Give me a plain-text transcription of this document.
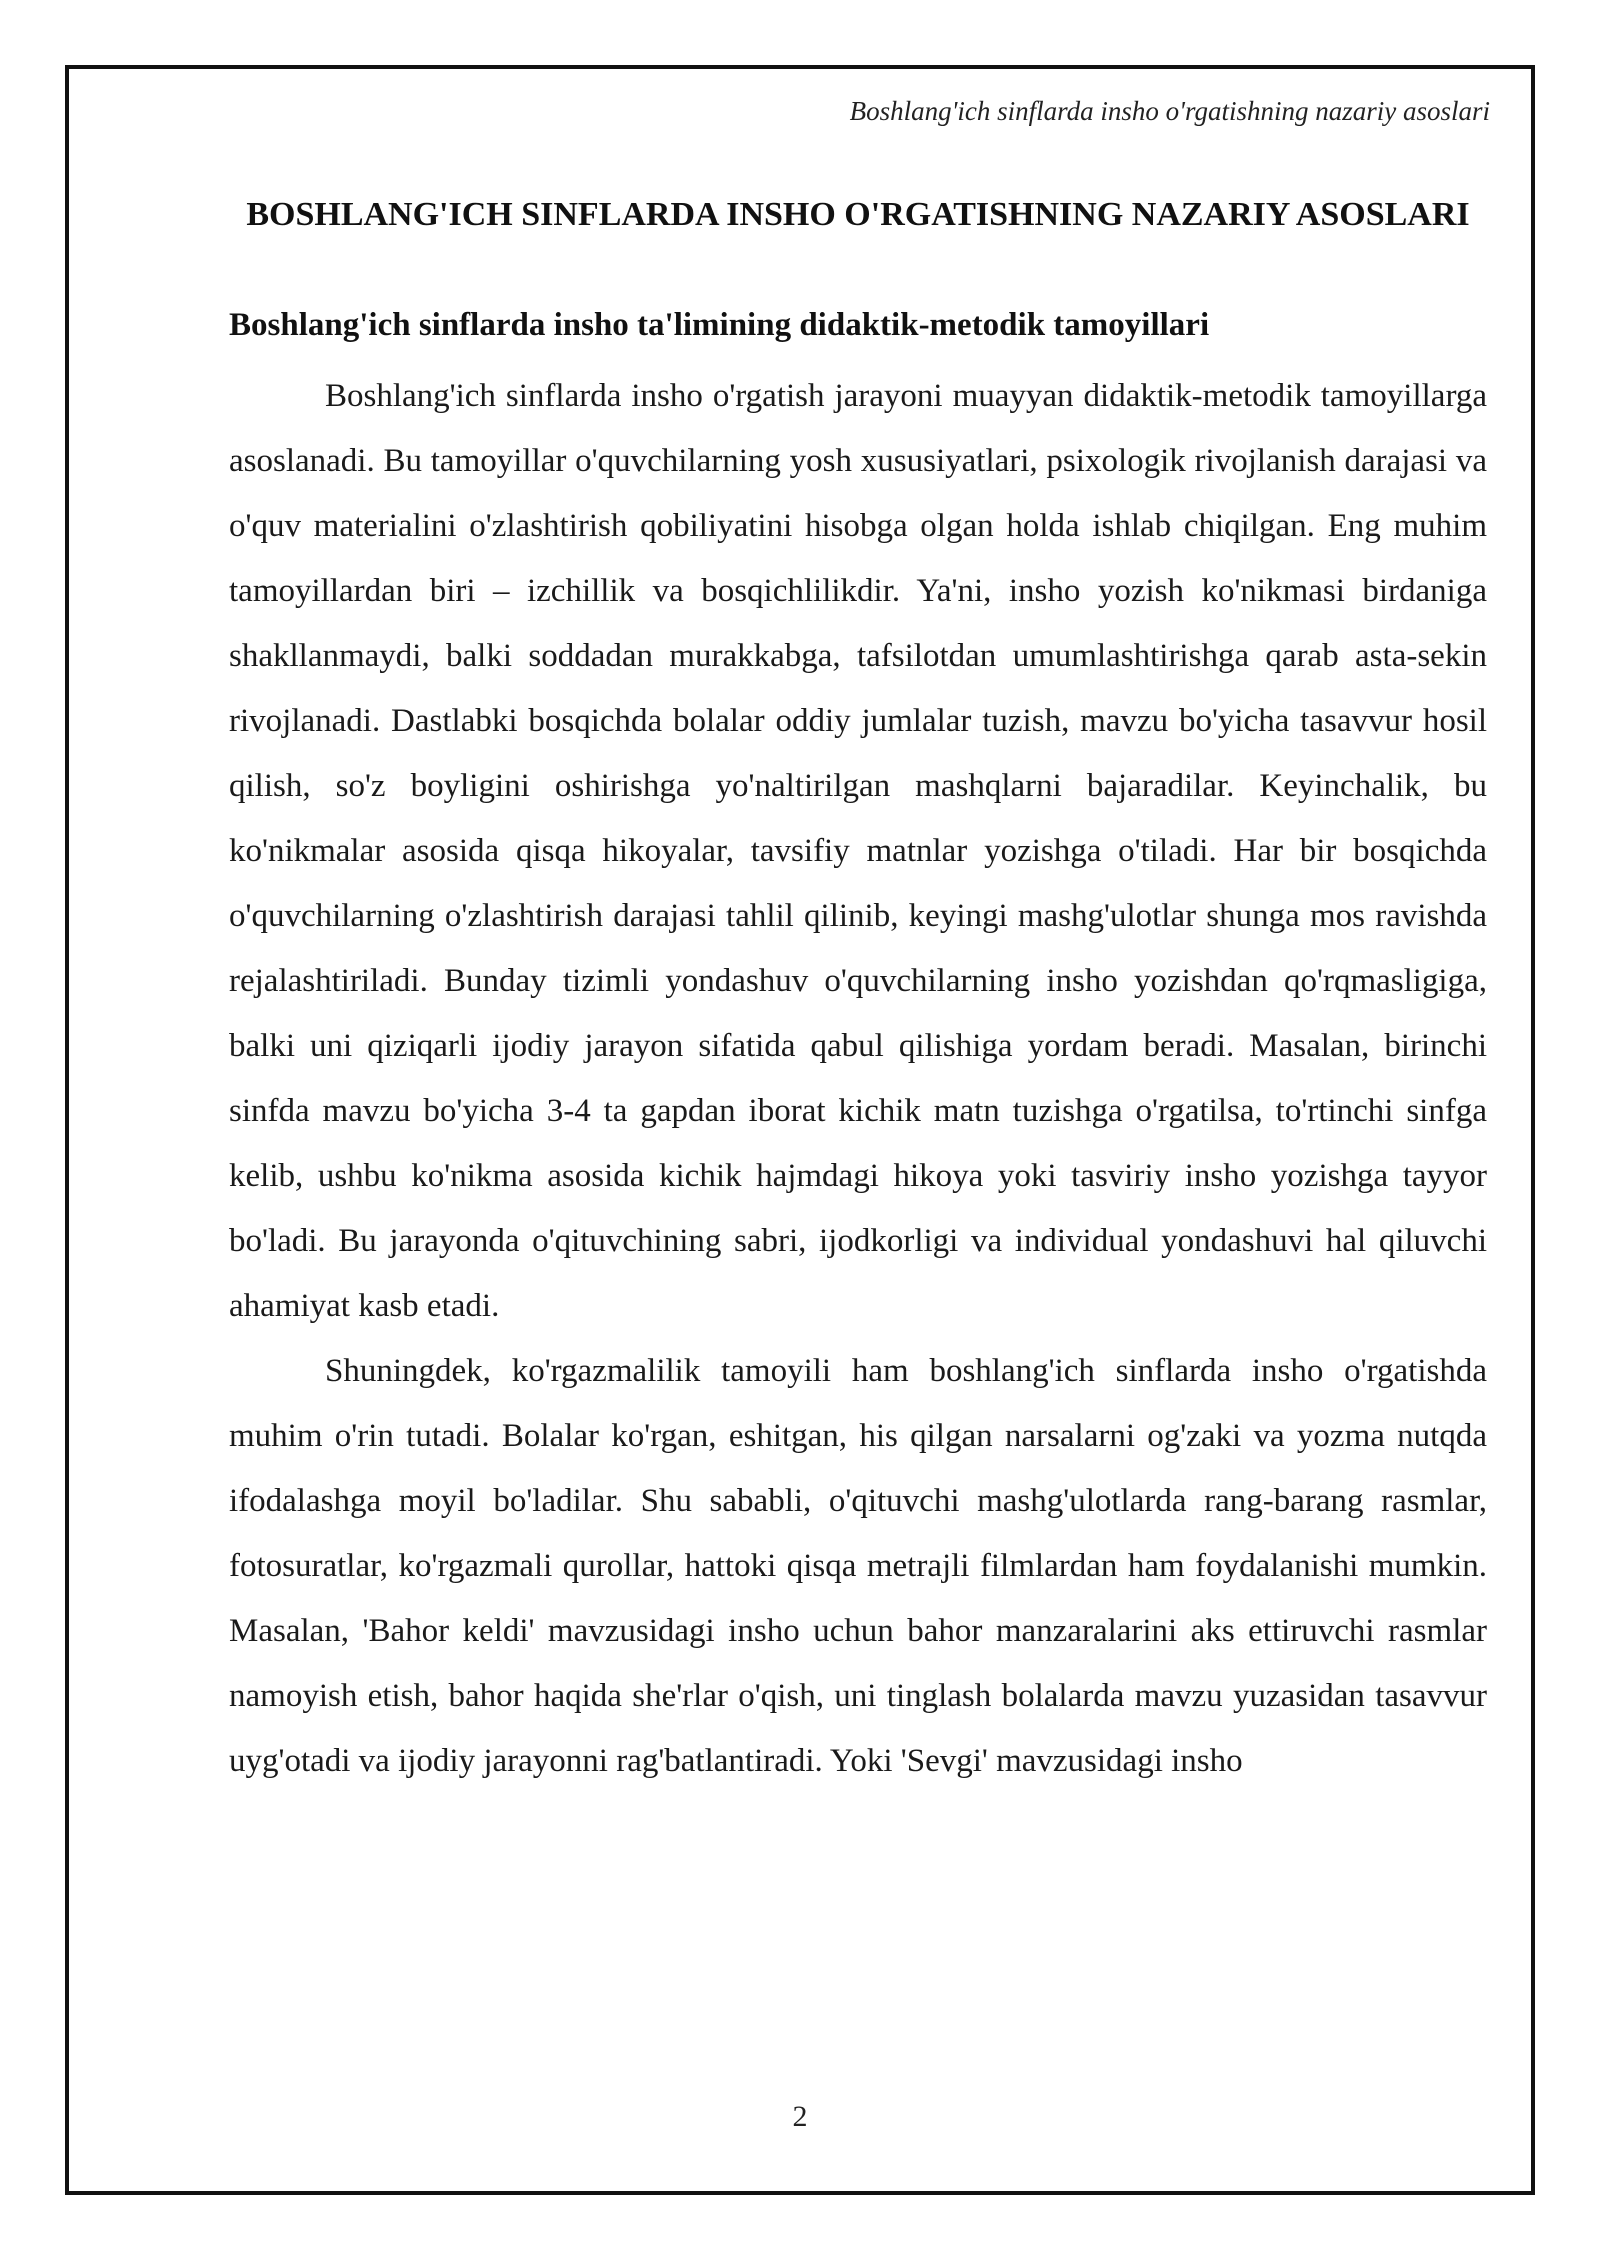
Boshlang'ich sinflarda insho o'rgatishning nazariy asoslari
BOSHLANG'ICH SINFLARDA INSHO O'RGATISHNING NAZARIY ASOSLARI
Boshlang'ich sinflarda insho ta'limining didaktik-metodik tamoyillari

Boshlang'ich sinflarda insho o'rgatish jarayoni muayyan didaktik-metodik tamoyillarga asoslanadi. Bu tamoyillar o'quvchilarning yosh xususiyatlari, psixologik rivojlanish darajasi va o'quv materialini o'zlashtirish qobiliyatini hisobga olgan holda ishlab chiqilgan. Eng muhim tamoyillardan biri – izchillik va bosqichlilikdir. Ya'ni, insho yozish ko'nikmasi birdaniga shakllanmaydi, balki soddadan murakkabga, tafsilotdan umumlashtirishga qarab asta-sekin rivojlanadi. Dastlabki bosqichda bolalar oddiy jumlalar tuzish, mavzu bo'yicha tasavvur hosil qilish, so'z boyligini oshirishga yo'naltirilgan mashqlarni bajaradilar. Keyinchalik, bu ko'nikmalar asosida qisqa hikoyalar, tavsifiy matnlar yozishga o'tiladi. Har bir bosqichda o'quvchilarning o'zlashtirish darajasi tahlil qilinib, keyingi mashg'ulotlar shunga mos ravishda rejalashtiriladi. Bunday tizimli yondashuv o'quvchilarning insho yozishdan qo'rqmasligiga, balki uni qiziqarli ijodiy jarayon sifatida qabul qilishiga yordam beradi. Masalan, birinchi sinfda mavzu bo'yicha 3-4 ta gapdan iborat kichik matn tuzishga o'rgatilsa, to'rtinchi sinfga kelib, ushbu ko'nikma asosida kichik hajmdagi hikoya yoki tasviriy insho yozishga tayyor bo'ladi. Bu jarayonda o'qituvchining sabri, ijodkorligi va individual yondashuvi hal qiluvchi ahamiyat kasb etadi.

Shuningdek, ko'rgazmalilik tamoyili ham boshlang'ich sinflarda insho o'rgatishda muhim o'rin tutadi. Bolalar ko'rgan, eshitgan, his qilgan narsalarni og'zaki va yozma nutqda ifodalashga moyil bo'ladilar. Shu sababli, o'qituvchi mashg'ulotlarda rang-barang rasmlar, fotosuratlar, ko'rgazmali qurollar, hattoki qisqa metrajli filmlardan ham foydalanishi mumkin. Masalan, 'Bahor keldi' mavzusidagi insho uchun bahor manzaralarini aks ettiruvchi rasmlar namoyish etish, bahor haqida she'rlar o'qish, uni tinglash bolalarda mavzu yuzasidan tasavvur uyg'otadi va ijodiy jarayonni rag'batlantiradi. Yoki 'Sevgi' mavzusidagi insho

2
